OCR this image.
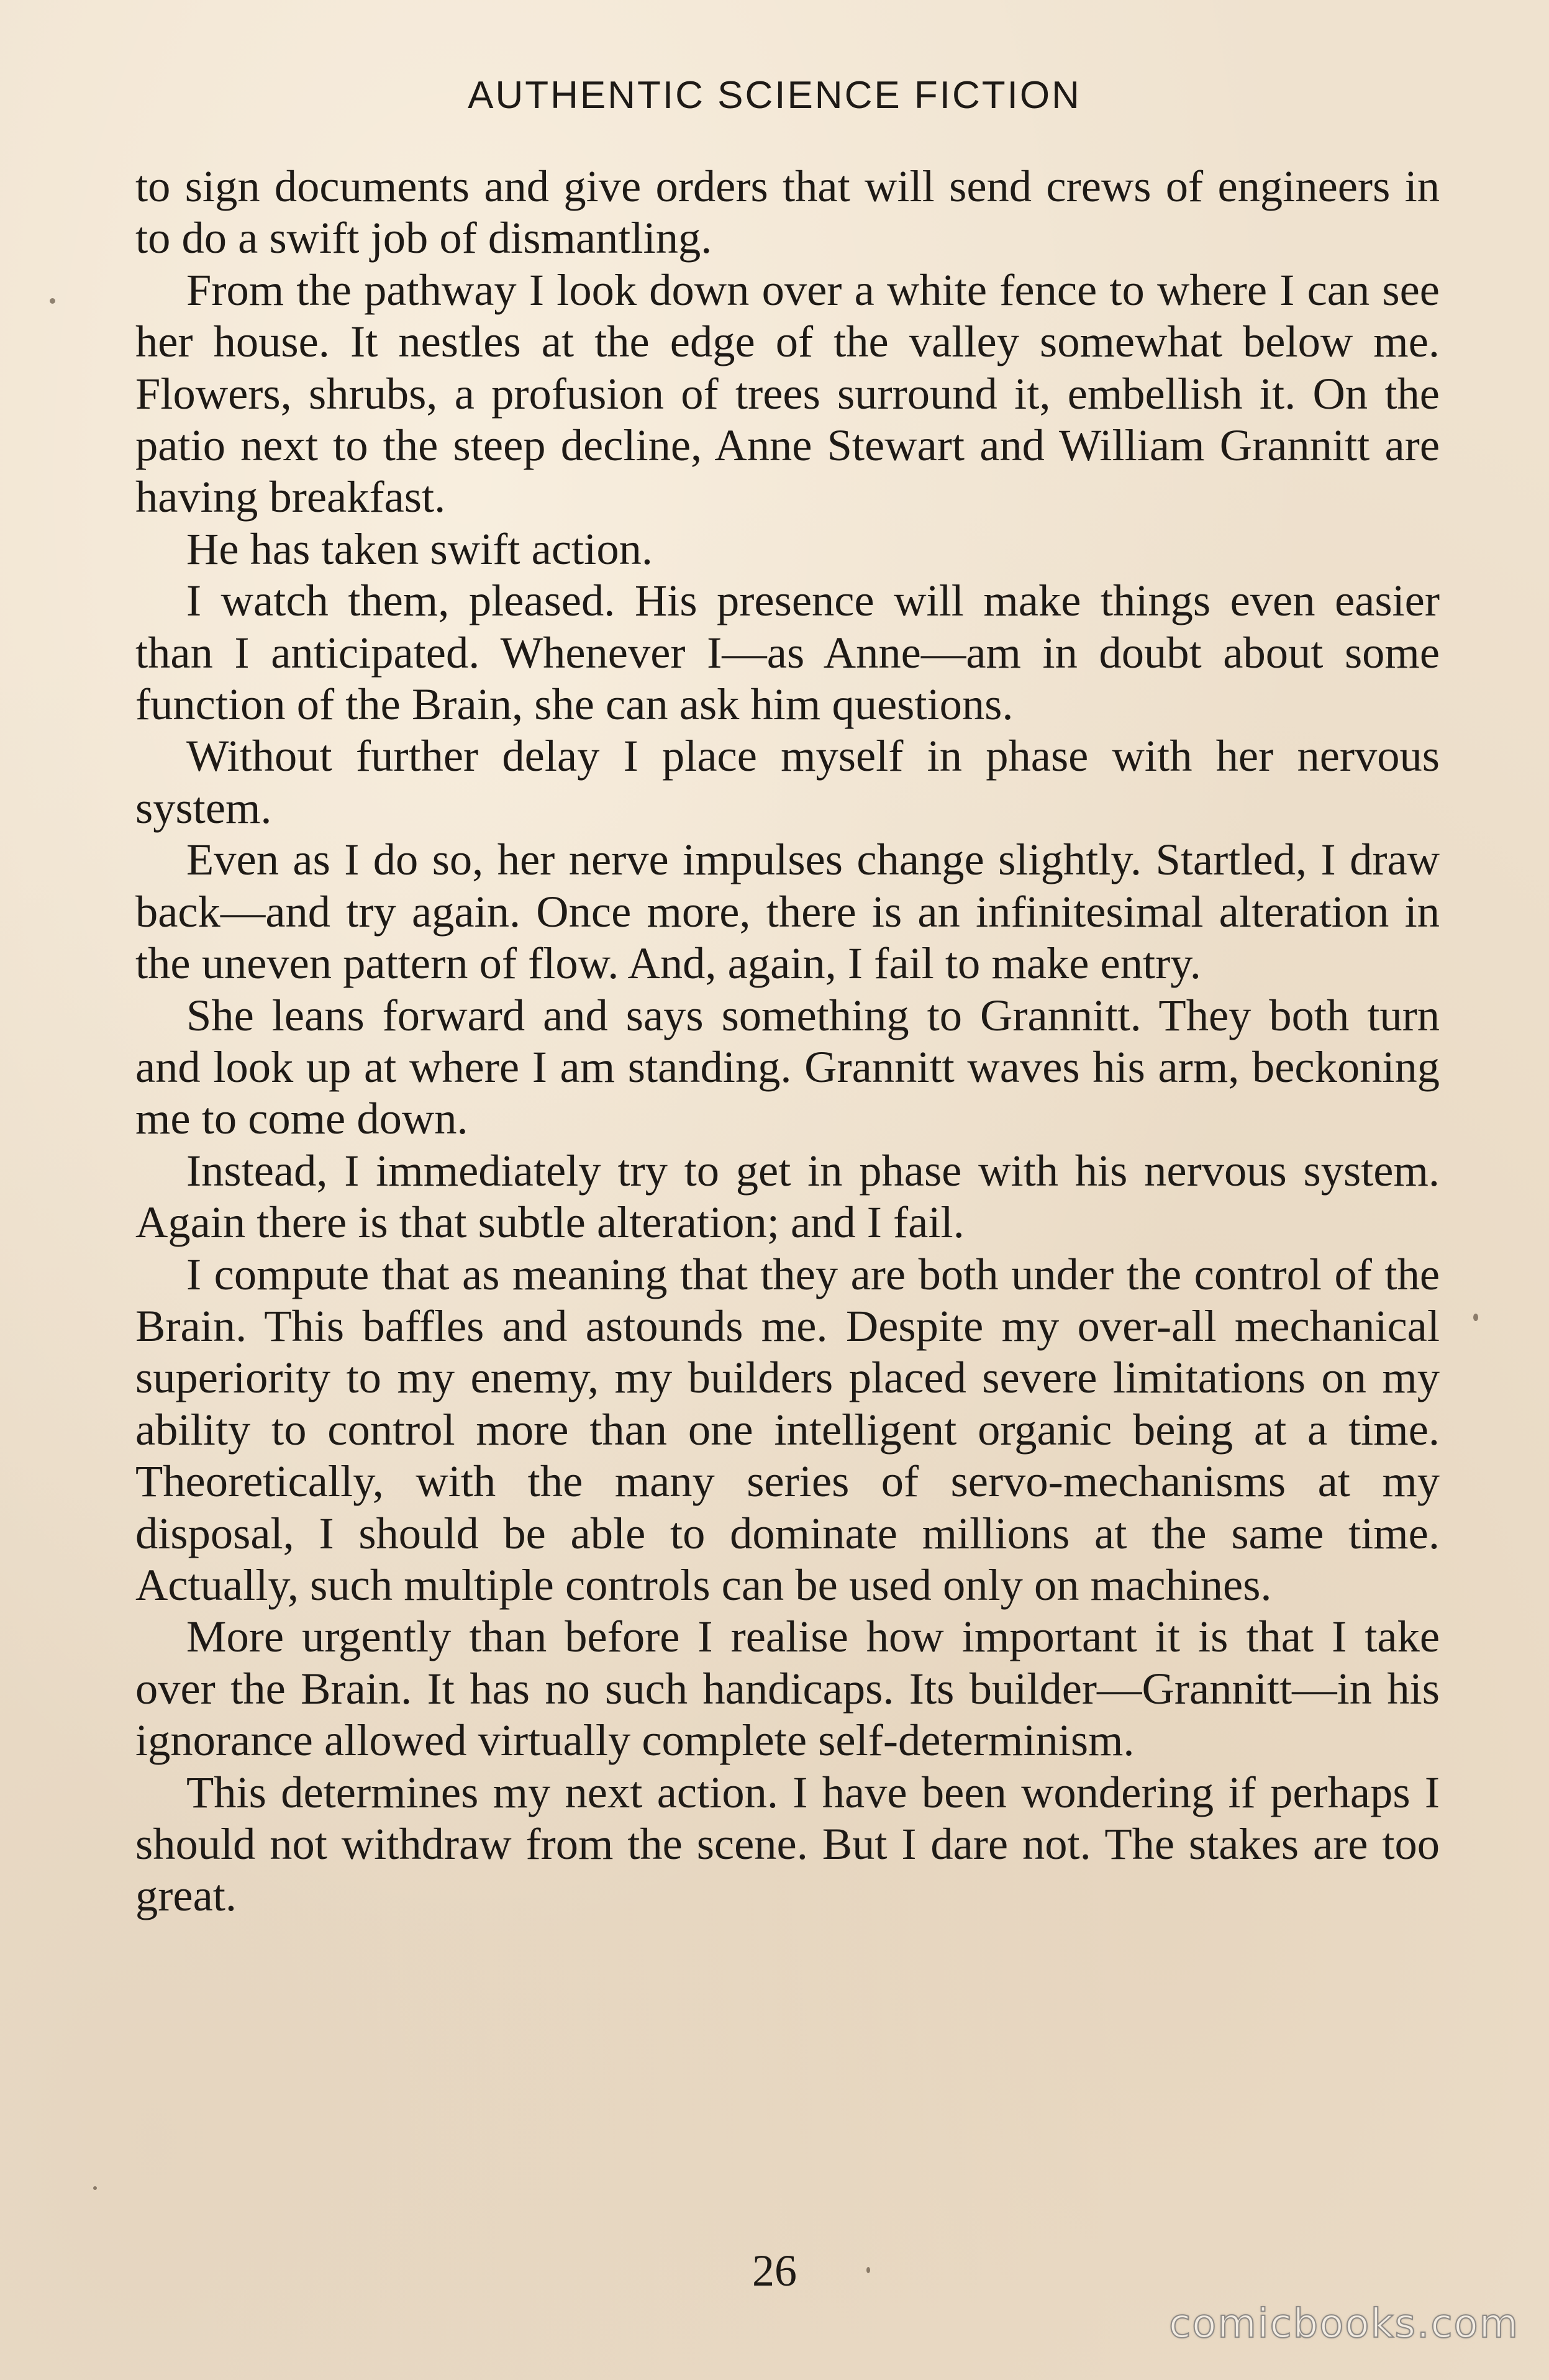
AUTHENTIC SCIENCE FICTION

to sign documents and give orders that will send crews of engineers in to do a swift job of dismantling.

From the pathway I look down over a white fence to where I can see her house. It nestles at the edge of the valley somewhat below me. Flowers, shrubs, a profusion of trees surround it, embellish it. On the patio next to the steep decline, Anne Stewart and William Grannitt are having breakfast.

He has taken swift action.

I watch them, pleased. His presence will make things even easier than I anticipated. Whenever I—as Anne—am in doubt about some function of the Brain, she can ask him questions.

Without further delay I place myself in phase with her nervous system.

Even as I do so, her nerve impulses change slightly. Startled, I draw back—and try again. Once more, there is an infinitesimal alteration in the uneven pattern of flow. And, again, I fail to make entry.

She leans forward and says something to Grannitt. They both turn and look up at where I am standing. Grannitt waves his arm, beckoning me to come down.

Instead, I immediately try to get in phase with his nervous system. Again there is that subtle alteration; and I fail.

I compute that as meaning that they are both under the control of the Brain. This baffles and astounds me. Despite my over-all mechanical superiority to my enemy, my builders placed severe limitations on my ability to control more than one intelligent organic being at a time. Theoretically, with the many series of servo-mechanisms at my disposal, I should be able to dominate millions at the same time. Actually, such multiple controls can be used only on machines.

More urgently than before I realise how important it is that I take over the Brain. It has no such handicaps. Its builder—Grannitt—in his ignorance allowed virtually complete self-determinism.

This determines my next action. I have been wondering if perhaps I should not withdraw from the scene. But I dare not. The stakes are too great.

26
comicbooks.com
